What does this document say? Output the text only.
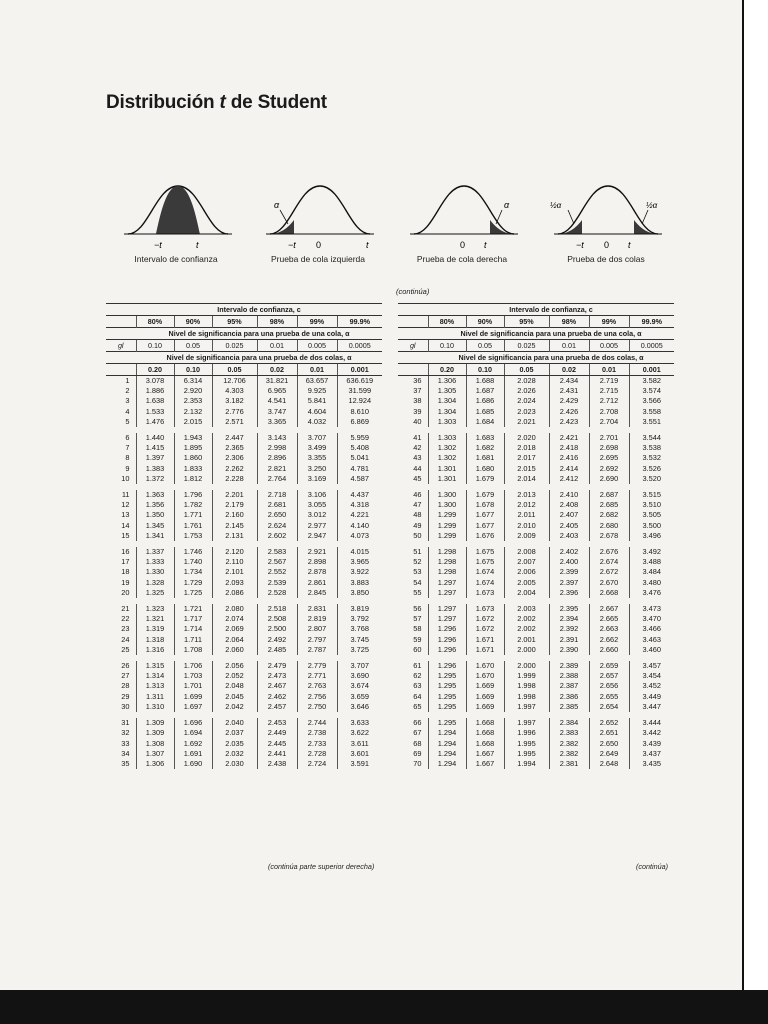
Distribución t de Student
−t	t
Intervalo de confianza
α
−t 0	t
Prueba de cola izquierda
α
0 t
Prueba de cola derecha
½α	½α
−t 0 t
Prueba de dos colas
(continúa)
	Intervalo de confianza, c					
	80%	90%	95%	98%	99%	99.9%
	Nivel de significancia para una prueba de una cola, α					
gl	0.10	0.05	0.025	0.01	0.005	0.0005
	Nivel de significancia para una prueba de dos colas, α					
	0.20	0.10	0.05	0.02	0.01	0.001
1	3.078	6.314	12.706	31.821	63.657	636.619
2	1.886	2.920	4.303	6.965	9.925	31.599
3	1.638	2.353	3.182	4.541	5.841	12.924
4	1.533	2.132	2.776	3.747	4.604	8.610
5	1.476	2.015	2.571	3.365	4.032	6.869

6	1.440	1.943	2.447	3.143	3.707	5.959
7	1.415	1.895	2.365	2.998	3.499	5.408
8	1.397	1.860	2.306	2.896	3.355	5.041
9	1.383	1.833	2.262	2.821	3.250	4.781
10	1.372	1.812	2.228	2.764	3.169	4.587

11	1.363	1.796	2.201	2.718	3.106	4.437
12	1.356	1.782	2.179	2.681	3.055	4.318
13	1.350	1.771	2.160	2.650	3.012	4.221
14	1.345	1.761	2.145	2.624	2.977	4.140
15	1.341	1.753	2.131	2.602	2.947	4.073

16	1.337	1.746	2.120	2.583	2.921	4.015
17	1.333	1.740	2.110	2.567	2.898	3.965
18	1.330	1.734	2.101	2.552	2.878	3.922
19	1.328	1.729	2.093	2.539	2.861	3.883
20	1.325	1.725	2.086	2.528	2.845	3.850

21	1.323	1.721	2.080	2.518	2.831	3.819
22	1.321	1.717	2.074	2.508	2.819	3.792
23	1.319	1.714	2.069	2.500	2.807	3.768
24	1.318	1.711	2.064	2.492	2.797	3.745
25	1.316	1.708	2.060	2.485	2.787	3.725

26	1.315	1.706	2.056	2.479	2.779	3.707
27	1.314	1.703	2.052	2.473	2.771	3.690
28	1.313	1.701	2.048	2.467	2.763	3.674
29	1.311	1.699	2.045	2.462	2.756	3.659
30	1.310	1.697	2.042	2.457	2.750	3.646

31	1.309	1.696	2.040	2.453	2.744	3.633
32	1.309	1.694	2.037	2.449	2.738	3.622
33	1.308	1.692	2.035	2.445	2.733	3.611
34	1.307	1.691	2.032	2.441	2.728	3.601
35	1.306	1.690	2.030	2.438	2.724	3.591
	Intervalo de confianza, c					
	80%	90%	95%	98%	99%	99.9%
	Nivel de significancia para una prueba de una cola, α					
gl	0.10	0.05	0.025	0.01	0.005	0.0005
	Nivel de significancia para una prueba de dos colas, α					
	0.20	0.10	0.05	0.02	0.01	0.001
36	1.306	1.688	2.028	2.434	2.719	3.582
37	1.305	1.687	2.026	2.431	2.715	3.574
38	1.304	1.686	2.024	2.429	2.712	3.566
39	1.304	1.685	2.023	2.426	2.708	3.558
40	1.303	1.684	2.021	2.423	2.704	3.551

41	1.303	1.683	2.020	2.421	2.701	3.544
42	1.302	1.682	2.018	2.418	2.698	3.538
43	1.302	1.681	2.017	2.416	2.695	3.532
44	1.301	1.680	2.015	2.414	2.692	3.526
45	1.301	1.679	2.014	2.412	2.690	3.520

46	1.300	1.679	2.013	2.410	2.687	3.515
47	1.300	1.678	2.012	2.408	2.685	3.510
48	1.299	1.677	2.011	2.407	2.682	3.505
49	1.299	1.677	2.010	2.405	2.680	3.500
50	1.299	1.676	2.009	2.403	2.678	3.496

51	1.298	1.675	2.008	2.402	2.676	3.492
52	1.298	1.675	2.007	2.400	2.674	3.488
53	1.298	1.674	2.006	2.399	2.672	3.484
54	1.297	1.674	2.005	2.397	2.670	3.480
55	1.297	1.673	2.004	2.396	2.668	3.476

56	1.297	1.673	2.003	2.395	2.667	3.473
57	1.297	1.672	2.002	2.394	2.665	3.470
58	1.296	1.672	2.002	2.392	2.663	3.466
59	1.296	1.671	2.001	2.391	2.662	3.463
60	1.296	1.671	2.000	2.390	2.660	3.460

61	1.296	1.670	2.000	2.389	2.659	3.457
62	1.295	1.670	1.999	2.388	2.657	3.454
63	1.295	1.669	1.998	2.387	2.656	3.452
64	1.295	1.669	1.998	2.386	2.655	3.449
65	1.295	1.669	1.997	2.385	2.654	3.447

66	1.295	1.668	1.997	2.384	2.652	3.444
67	1.294	1.668	1.996	2.383	2.651	3.442
68	1.294	1.668	1.995	2.382	2.650	3.439
69	1.294	1.667	1.995	2.382	2.649	3.437
70	1.294	1.667	1.994	2.381	2.648	3.435
(continúa parte superior derecha)	(continúa)
